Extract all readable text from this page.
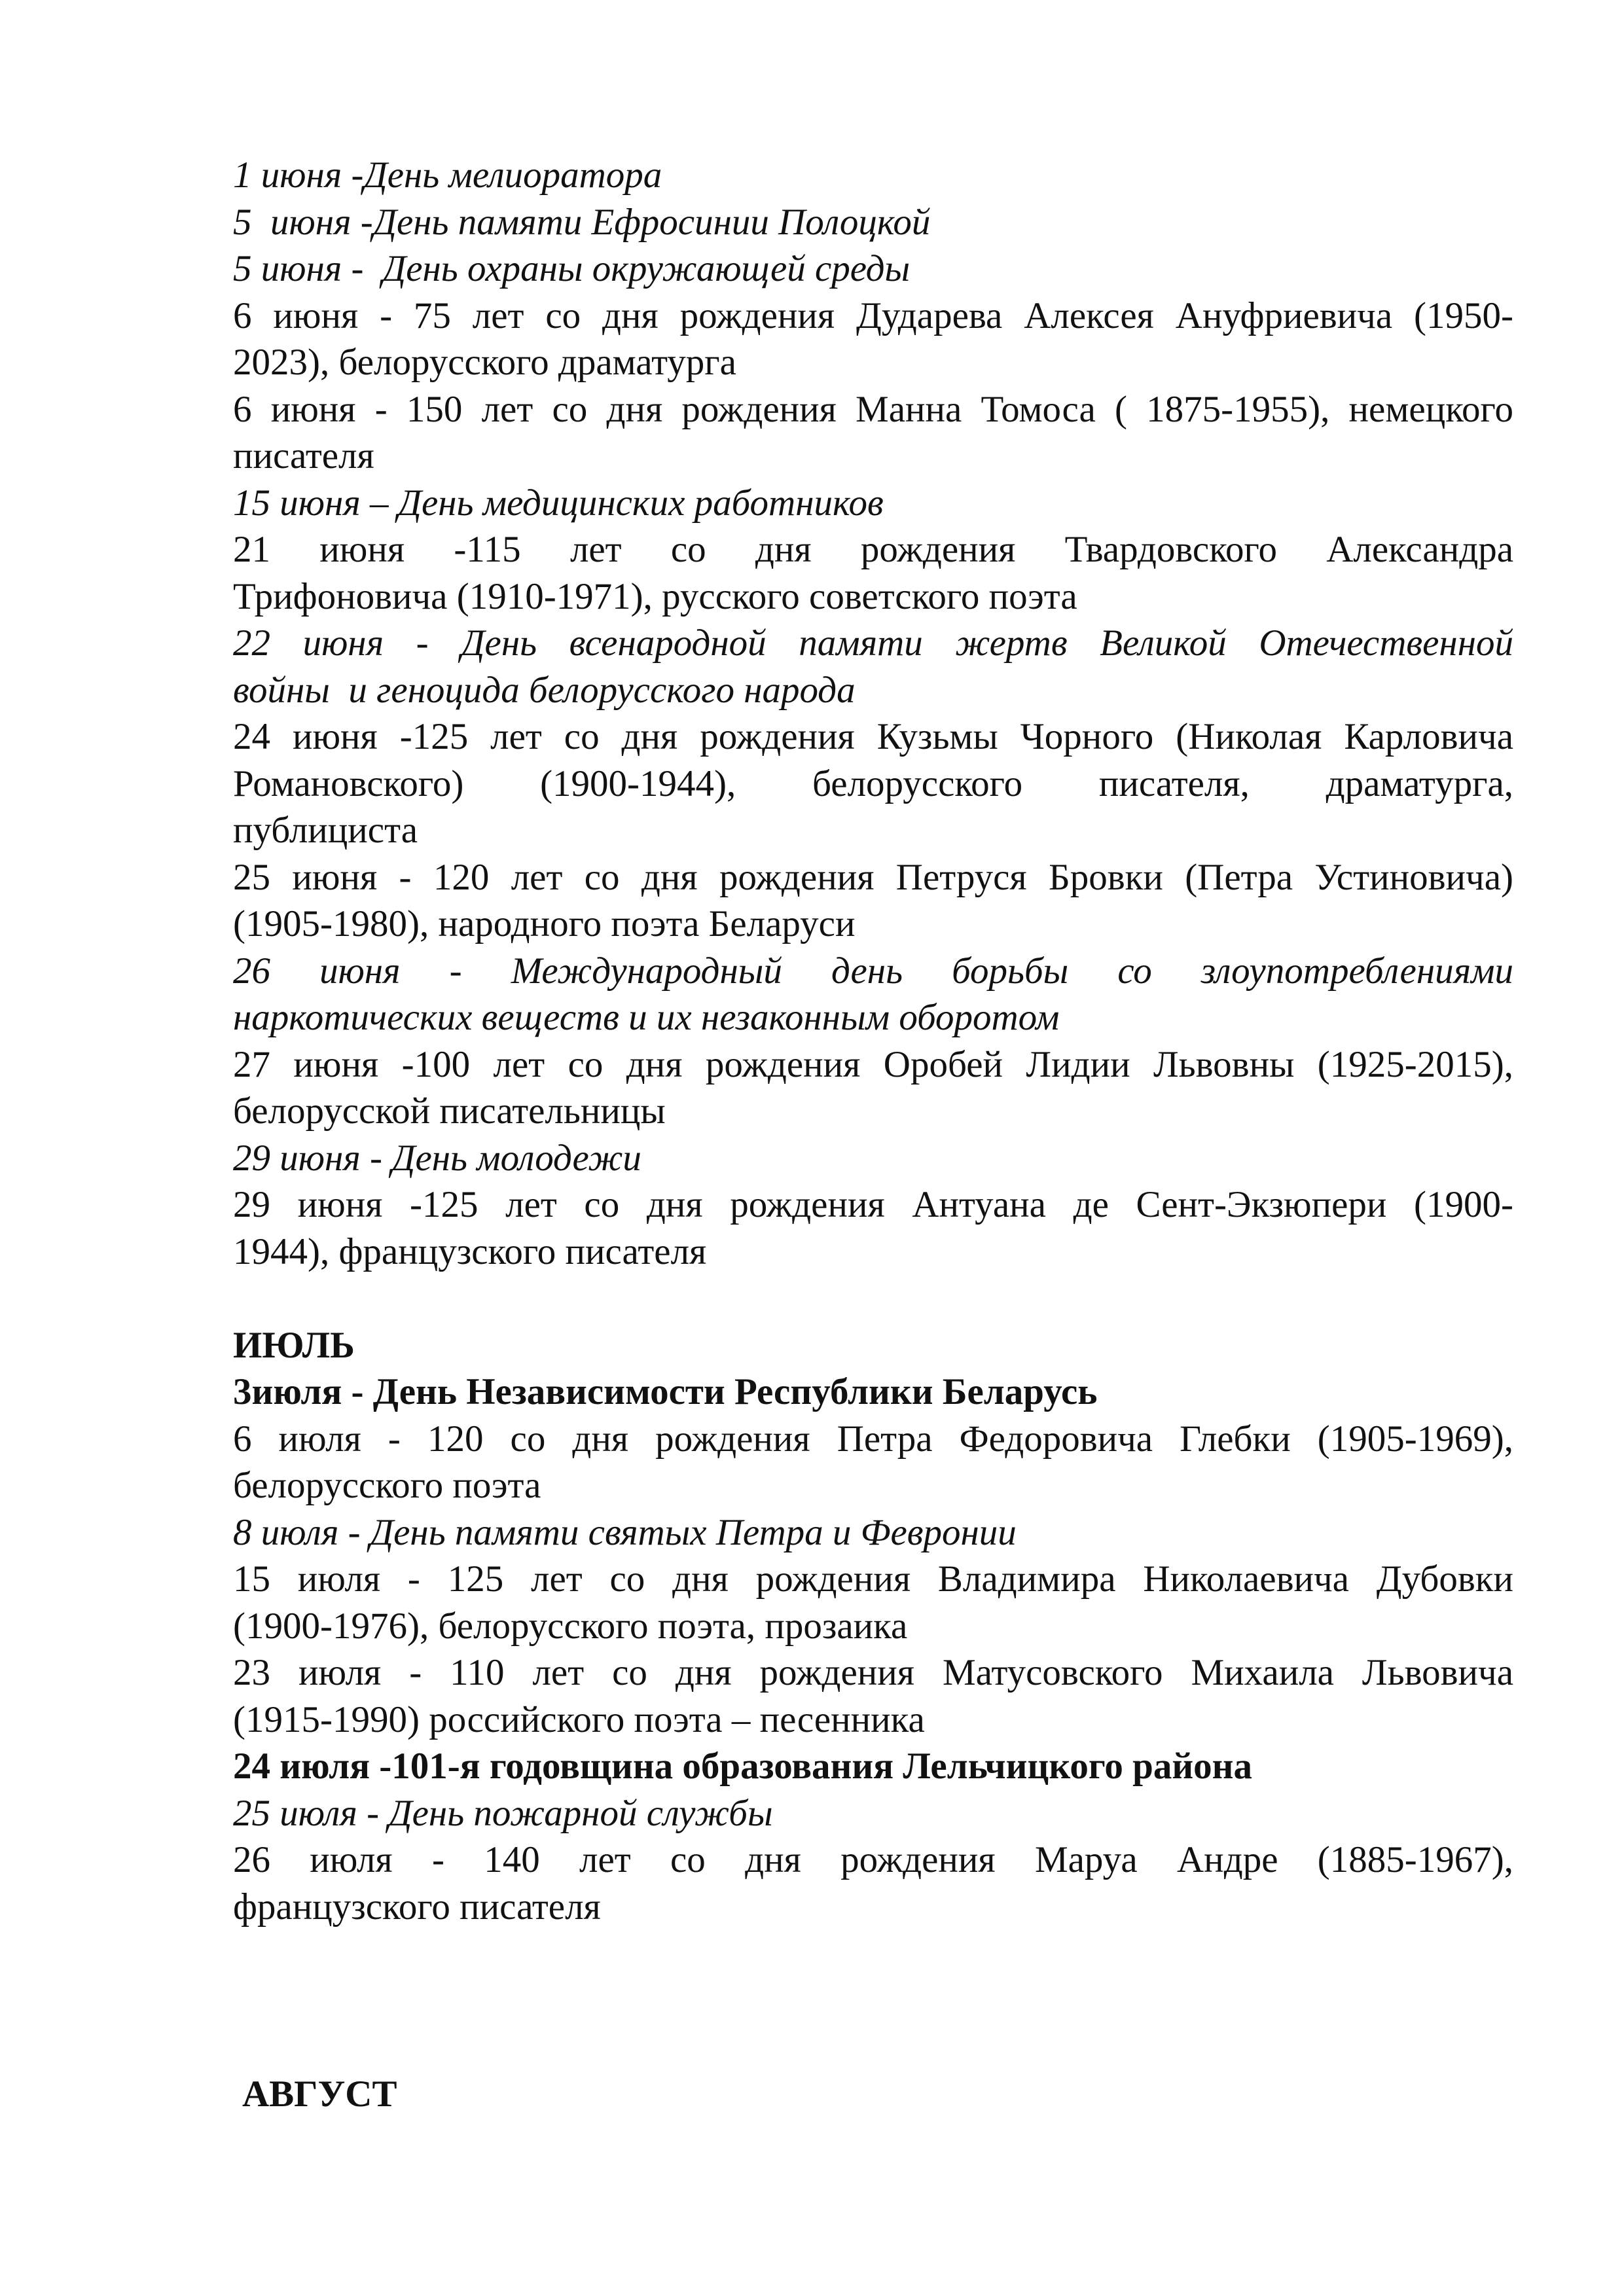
1 июня -День мелиоратора
5  июня -День памяти Ефросинии Полоцкой
5 июня -  День охраны окружающей среды
6 июня - 75 лет со дня рождения Дударева Алексея Ануфриевича (1950-
2023), белорусского драматурга
6 июня - 150 лет со дня рождения Манна Томоса ( 1875-1955), немецкого
писателя
15 июня – День медицинских работников
21 июня -115 лет со дня рождения Твардовского Александра
Трифоновича (1910-1971), русского советского поэта
22 июня - День всенародной памяти жертв Великой Отечественной
войны  и геноцида белорусского народа
24 июня -125 лет со дня рождения Кузьмы Чорного (Николая Карловича
Романовского) (1900-1944), белорусского писателя, драматурга,
публициста
25 июня - 120 лет со дня рождения Петруся Бровки (Петра Устиновича)
(1905-1980), народного поэта Беларуси
26 июня - Международный день борьбы со злоупотреблениями
наркотических веществ и их незаконным оборотом
27 июня -100 лет со дня рождения Оробей Лидии Львовны (1925-2015),
белорусской писательницы
29 июня - День молодежи
29 июня -125 лет со дня рождения Антуана де Сент-Экзюпери (1900-
1944), французского писателя
ИЮЛЬ
3июля - День Независимости Республики Беларусь
6 июля - 120 со дня рождения Петра Федоровича Глебки (1905-1969),
белорусского поэта
8 июля - День памяти святых Петра и Февронии
15 июля - 125 лет со дня рождения Владимира Николаевича Дубовки
(1900-1976), белорусского поэта, прозаика
23 июля - 110 лет со дня рождения Матусовского Михаила Львовича
(1915-1990) российского поэта – песенника
24 июля -101-я годовщина образования Лельчицкого района
25 июля - День пожарной службы
26 июля - 140 лет со дня рождения Маруа Андре (1885-1967),
французского писателя
АВГУСТ
